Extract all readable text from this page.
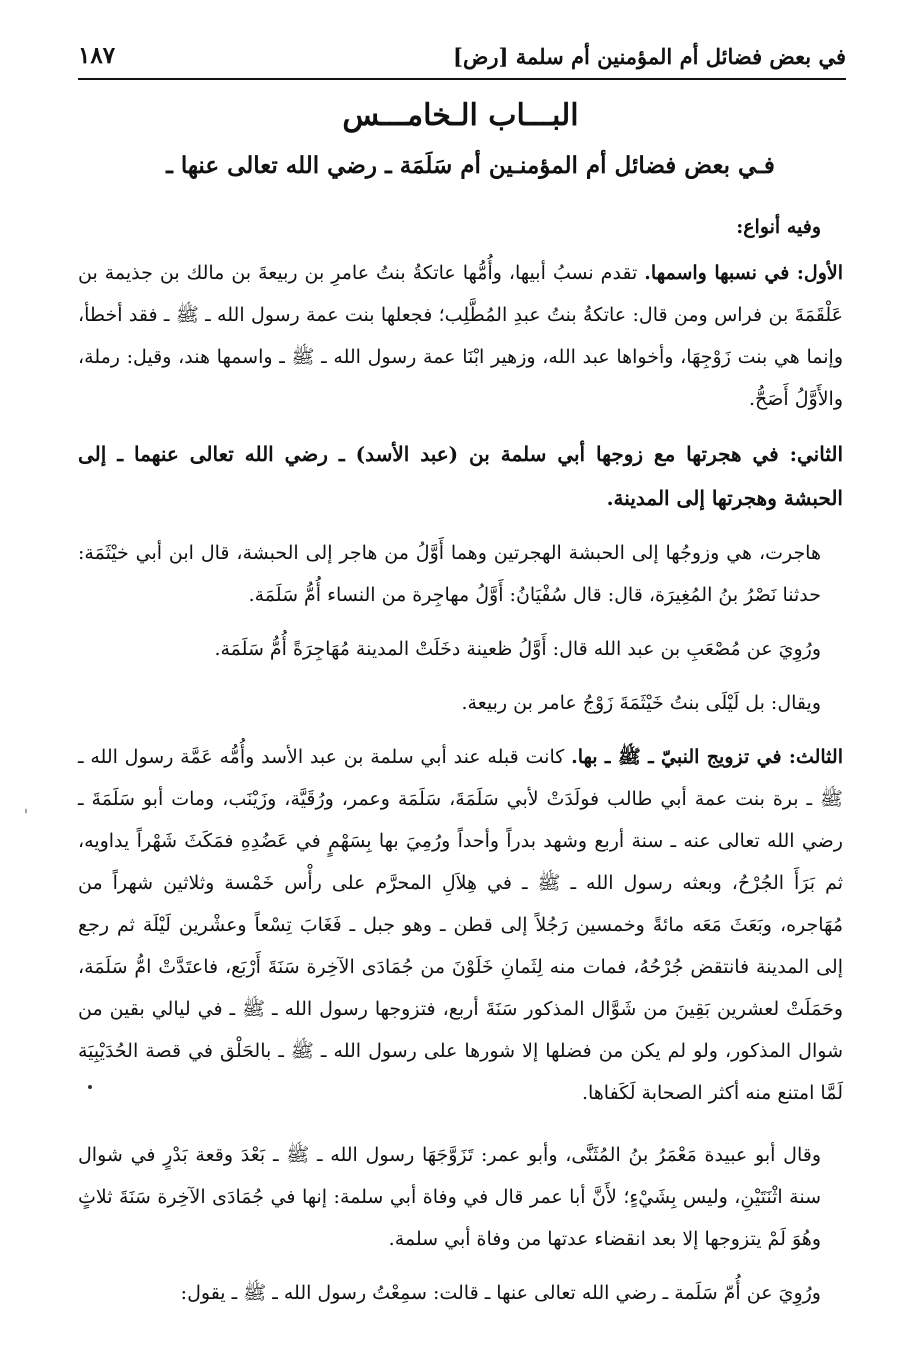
في بعض فضائل أم المؤمنين أم سلمة [رض]
١٨٧
البـــاب الـخامـــس
فـي بعض فضائل أم المؤمنـين أم سَلَمَة ـ رضي الله تعالى عنها ـ

وفيه أنواع:

الأول: في نسبها واسمها. تقدم نسبُ أبيها، وأُمُّها عاتكةُ بنتُ عامرِ بن ربيعةَ بن مالك بن جذيمة بن عَلْقَمَةَ بن فراس ومن قال: عاتكةُ بنتُ عبدِ المُطَّلِب؛ فجعلها بنت عمة رسول الله ـ ﷺ ـ فقد أخطأ، وإنما هي بنت زَوْجِهَا، وأخواها عبد الله، وزهير ابْنَا عمة رسول الله ـ ﷺ ـ واسمها هند، وقيل: رملة، والأَوَّلُ أَصَحُّ.

الثاني: في هجرتها مع زوجها أبي سلمة بن (عبد الأسد) ـ رضي الله تعالى عنهما ـ إلى الحبشة وهجرتها إلى المدينة.

هاجرت، هي وزوجُها إلى الحبشة الهجرتين وهما أَوَّلُ من هاجر إلى الحبشة، قال ابن أبي خيْثَمَة: حدثنا نَصْرُ بنُ المُغِيرَة، قال: قال سُفْيَانُ: أَوَّلُ مهاجِرة من النساء أُمُّ سَلَمَة.

ورُوِيَ عن مُصْعَبِ بن عبد الله قال: أَوَّلُ ظعينة دخَلَتْ المدينة مُهَاجِرَةً أُمُّ سَلَمَة.

ويقال: بل لَيْلَى بنتُ خَيْثَمَةَ زَوْجُ عامر بن ربيعة.

الثالث: في تزويج النبيّ ـ ﷺ ـ بها. كانت قبله عند أبي سلمة بن عبد الأسد وأُمُّه عَمَّة رسول الله ـ ﷺ ـ برة بنت عمة أبي طالب فولَدَتْ لأبي سَلَمَةَ، سَلَمَة وعمر، ورُقَيَّة، وزَيْنَب، ومات أبو سَلَمَةَ ـ رضي الله تعالى عنه ـ سنة أربع وشهد بدراً وأحداً ورُمِيَ بها بِسَهْمٍ في عَضُدِهِ فمَكَثَ شَهْراً يداويه، ثم بَرَأَ الجُرْحُ، وبعثه رسول الله ـ ﷺ ـ في هِلاَلِ المحرَّم على رأْس خَمْسة وثلاثين شهراً من مُهَاجره، وبَعَثَ مَعَه مائةً وخمسين رَجُلاً إلى قطن ـ وهو جبل ـ فَغَابَ تِسْعاً وعشْرين لَيْلَة ثم رجع إلى المدينة فانتقض جُرْحُهُ، فمات منه لِثَمانِ خَلَوْنَ من جُمَادَى الآخِرة سَنَةَ أَرْبَع، فاعتَدَّتْ امُّ سَلَمَة، وحَمَلَتْ لعشرين بَقِينَ من شَوَّال المذكور سَنَةَ أربع، فتزوجها رسول الله ـ ﷺ ـ في ليالي بقين من شوال المذكور، ولو لم يكن من فضلها إلا شورها على رسول الله ـ ﷺ ـ بالحَلْق في قصة الحُدَيْبِيَة لَمَّا امتنع منه أكثر الصحابة لَكَفاها.

وقال أبو عبيدة مَعْمَرُ بنُ المُثَنَّى، وأبو عمر: تَزَوَّجَهَا رسول الله ـ ﷺ ـ بَعْدَ وقعة بَدْرٍ في شوال سنة اثْنَتَيْنِ، وليس بِشَيْءٍ؛ لأَنَّ أبا عمر قال في وفاة أبي سلمة: إنها في جُمَادَى الآخِرة سَنَةَ ثلاثٍ وهُوَ لَمْ يتزوجها إلا بعد انقضاء عدتها من وفاة أبي سلمة.

ورُوِيَ عن أُمّ سَلَمة ـ رضي الله تعالى عنها ـ قالت: سمِعْتُ رسول الله ـ ﷺ ـ يقول:
